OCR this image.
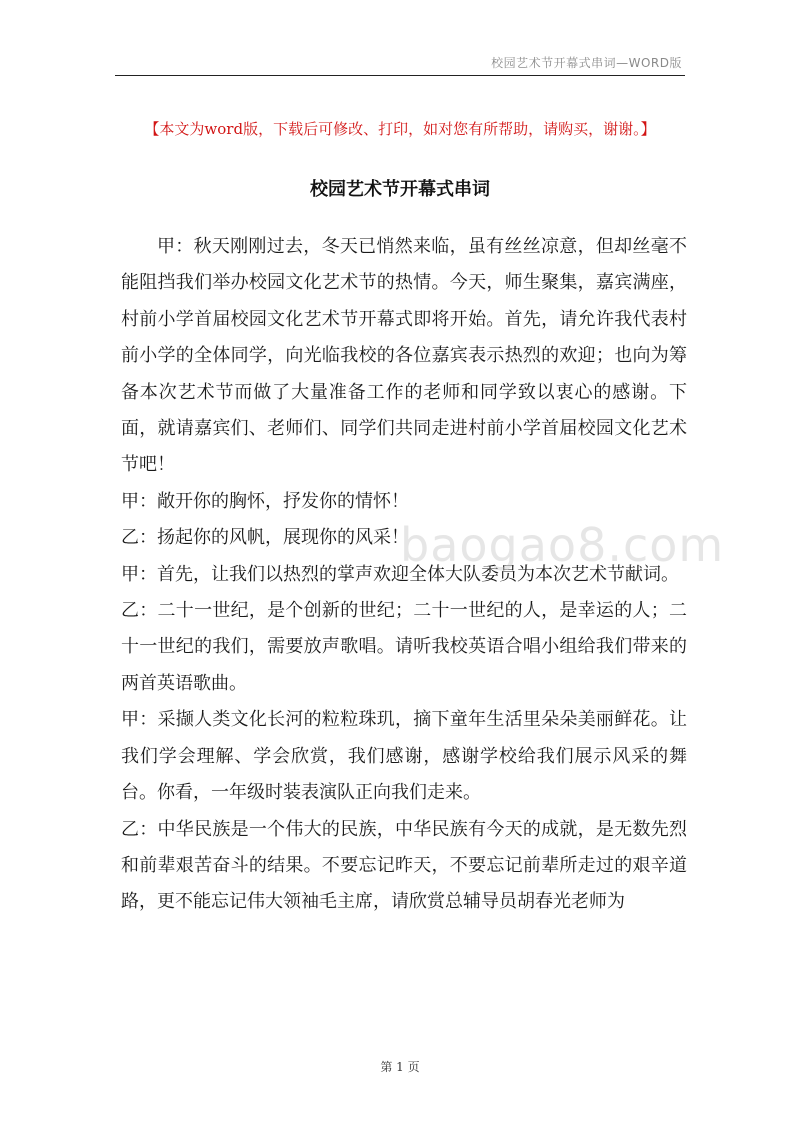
校园艺术节开幕式串词—WORD版
【本文为word版，下载后可修改、打印，如对您有所帮助，请购买，谢谢。】
校园艺术节开幕式串词

甲：秋天刚刚过去，冬天已悄然来临，虽有丝丝凉意，但却丝毫不能阻挡我们举办校园文化艺术节的热情。今天，师生聚集，嘉宾满座，村前小学首届校园文化艺术节开幕式即将开始。首先，请允许我代表村前小学的全体同学，向光临我校的各位嘉宾表示热烈的欢迎；也向为筹备本次艺术节而做了大量准备工作的老师和同学致以衷心的感谢。下面，就请嘉宾们、老师们、同学们共同走进村前小学首届校园文化艺术节吧！

甲：敞开你的胸怀，抒发你的情怀！

乙：扬起你的风帆，展现你的风采！

甲：首先，让我们以热烈的掌声欢迎全体大队委员为本次艺术节献词。

乙：二十一世纪，是个创新的世纪；二十一世纪的人，是幸运的人；二十一世纪的我们，需要放声歌唱。请听我校英语合唱小组给我们带来的两首英语歌曲。

甲：采撷人类文化长河的粒粒珠玑，摘下童年生活里朵朵美丽鲜花。让我们学会理解、学会欣赏，我们感谢，感谢学校给我们展示风采的舞台。你看，一年级时装表演队正向我们走来。

乙：中华民族是一个伟大的民族，中华民族有今天的成就，是无数先烈和前辈艰苦奋斗的结果。不要忘记昨天，不要忘记前辈所走过的艰辛道路，更不能忘记伟大领袖毛主席，请欣赏总辅导员胡春光老师为

baogao8.com
第 1 页
